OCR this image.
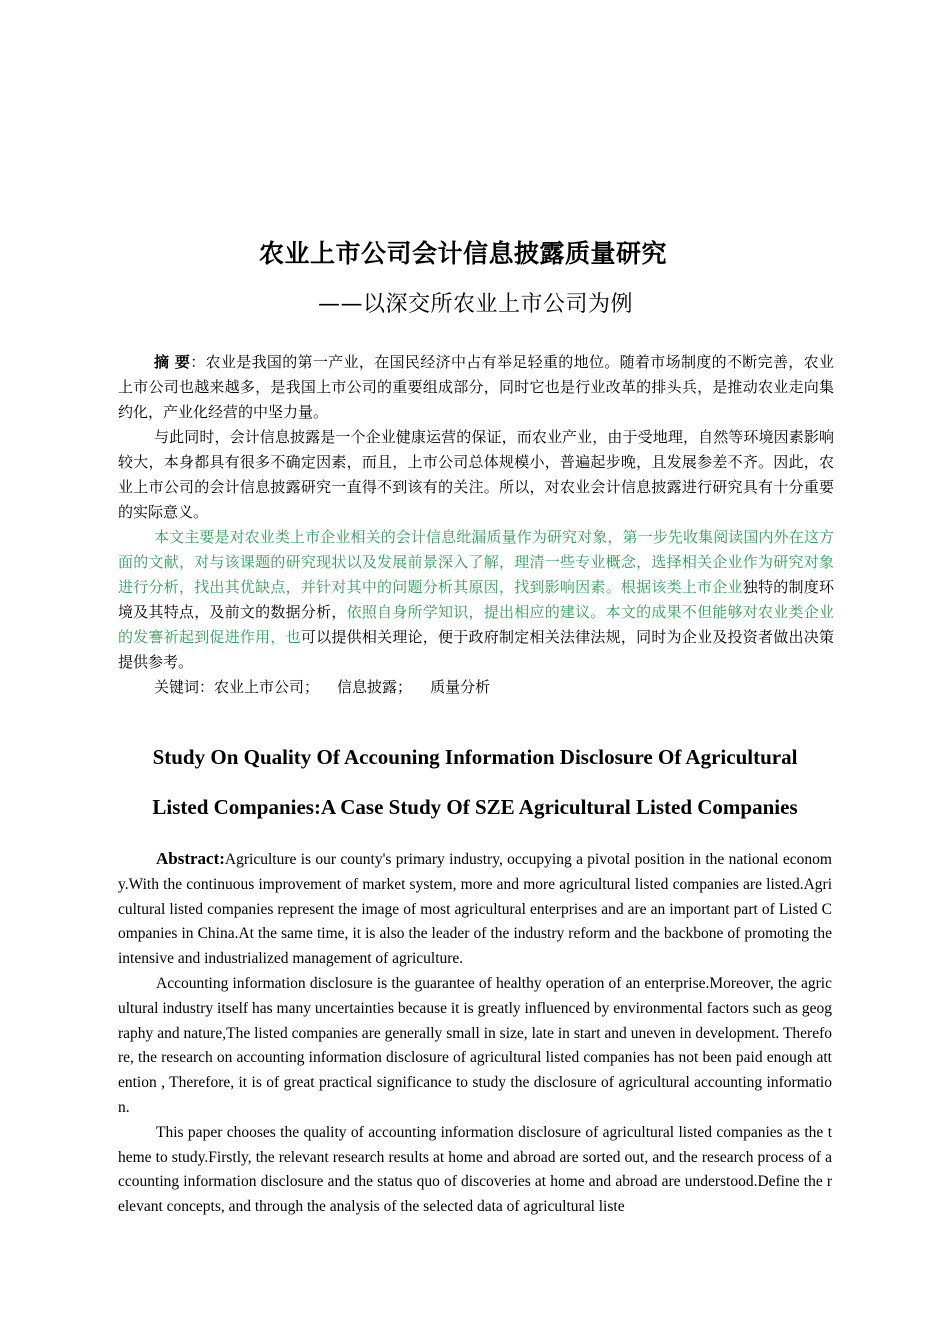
农业上市公司会计信息披露质量研究
——以深交所农业上市公司为例

摘 要：农业是我国的第一产业，在国民经济中占有举足轻重的地位。随着市场制度的不断完善，农业上市公司也越来越多，是我国上市公司的重要组成部分，同时它也是行业改革的排头兵，是推动农业走向集约化，产业化经营的中坚力量。

与此同时，会计信息披露是一个企业健康运营的保证，而农业产业，由于受地理，自然等环境因素影响较大，本身都具有很多不确定因素，而且，上市公司总体规模小，普遍起步晚，且发展参差不齐。因此，农业上市公司的会计信息披露研究一直得不到该有的关注。所以，对农业会计信息披露进行研究具有十分重要的实际意义。

本文主要是对农业类上市企业相关的会计信息纰漏质量作为研究对象，第一步先收集阅读国内外在这方面的文献，对与该课题的研究现状以及发展前景深入了解，理清一些专业概念，选择相关企业作为研究对象进行分析，找出其优缺点，并针对其中的问题分析其原因，找到影响因素。根据该类上市企业独特的制度环境及其特点，及前文的数据分析，依照自身所学知识，提出相应的建议。本文的成果不但能够对农业类企业的发謇祈起到促进作用，也可以提供相关理论，便于政府制定相关法律法规，同时为企业及投资者做出决策提供参考。

关键词：农业上市公司； 信息披露； 质量分析

Study On Quality Of Accouning Information Disclosure Of Agricultural
Listed Companies:A Case Study Of SZE Agricultural Listed Companies

Abstract:Agriculture is our county's primary industry, occupying a pivotal position in the national economy.With the continuous improvement of market system, more and more agricultural listed companies are listed.Agricultural listed companies represent the image of most agricultural enterprises and are an important part of Listed Companies in China.At the same time, it is also the leader of the industry reform and the backbone of promoting the intensive and industrialized management of agriculture.

Accounting information disclosure is the guarantee of healthy operation of an enterprise.Moreover, the agricultural industry itself has many uncertainties because it is greatly influenced by environmental factors such as geography and nature,The listed companies are generally small in size, late in start and uneven in development. Therefore, the research on accounting information disclosure of agricultural listed companies has not been paid enough attention , Therefore, it is of great practical significance to study the disclosure of agricultural accounting information.

This paper chooses the quality of accounting information disclosure of agricultural listed companies as the theme to study.Firstly, the relevant research results at home and abroad are sorted out, and the research process of accounting information disclosure and the status quo of discoveries at home and abroad are understood.Define the relevant concepts, and through the analysis of the selected data of agricultural liste
